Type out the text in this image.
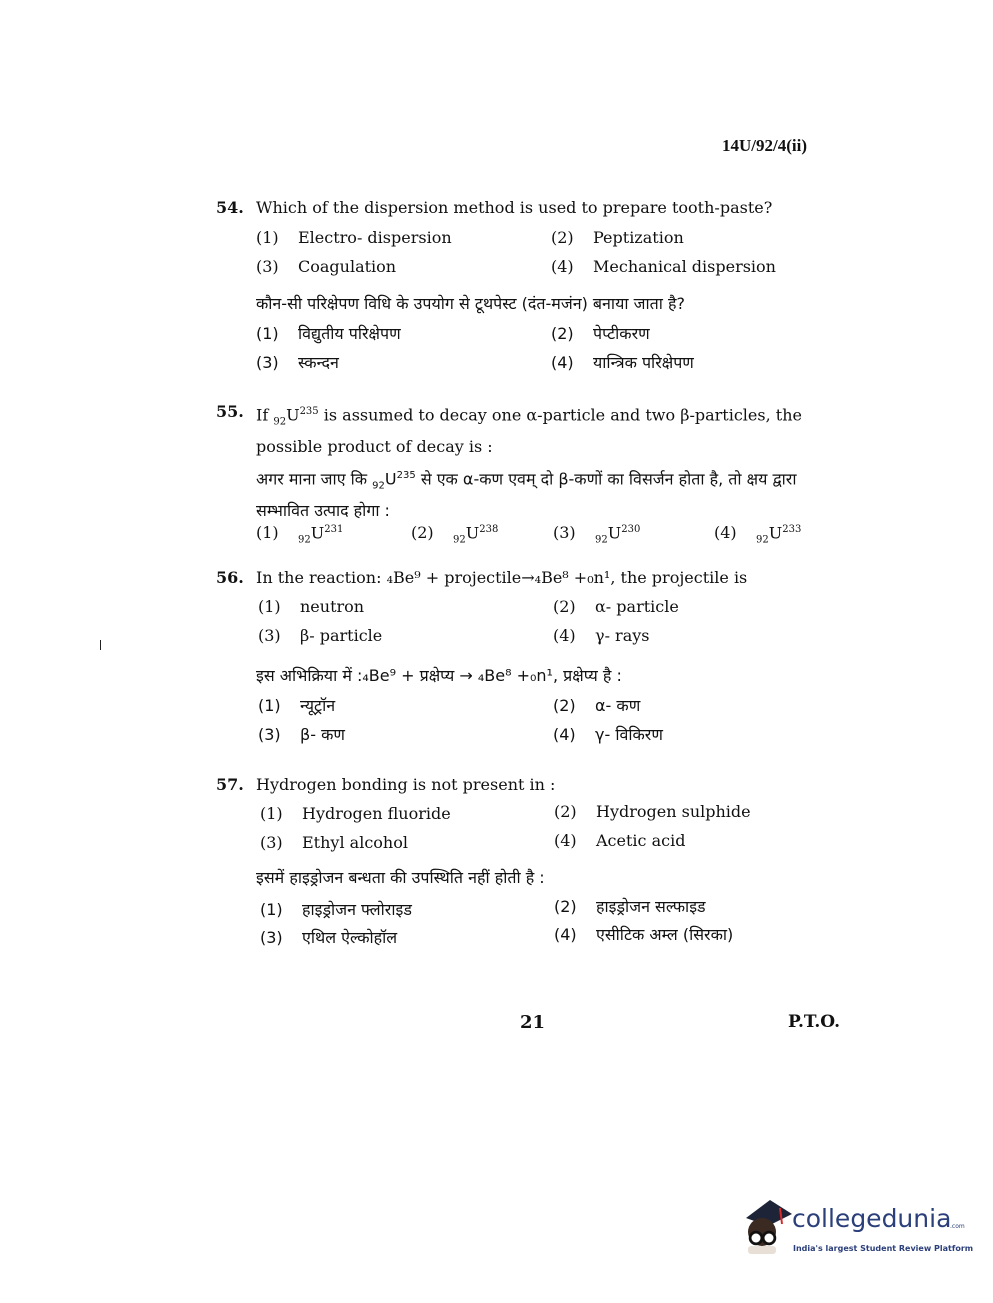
14U/92/4(ii)
54. Which of the dispersion method is used to prepare tooth-paste?
(1) Electro- dispersion	(2) Peptization
(3) Coagulation	(4) Mechanical dispersion
कौन-सी परिक्षेपण विधि के उपयोग से टूथपेस्ट (दंत-मजंन) बनाया जाता है?
(1) विद्युतीय परिक्षेपण	(2) पेप्टीकरण
(3) स्कन्दन	(4) यान्त्रिक परिक्षेपण
55. If $_{92}U^{235}$ is assumed to decay one α-particle and two β-particles, the possible product of decay is :
अगर माना जाए कि $_{92}U^{235}$ से एक α-कण एवम् दो β-कणों का विसर्जन होता है, तो क्षय द्वारा सम्भावित उत्पाद होगा :
(1) $_{92}U^{231}$	(2) $_{92}U^{238}$	(3) $_{92}U^{230}$	(4) $_{92}U^{233}$
56. In the reaction: ₄Be⁹ + projectile→₄Be⁸ +₀n¹, the projectile is
(1) neutron	(2) α- particle
(3) β- particle	(4) γ- rays
इस अभिक्रिया में :₄Be⁹ + प्रक्षेप्य → ₄Be⁸ +₀n¹, प्रक्षेप्य है :
(1) न्यूट्रॉन	(2) α- कण
(3) β- कण	(4) γ- विकिरण
57. Hydrogen bonding is not present in :
(1) Hydrogen fluoride	(2) Hydrogen sulphide
(3) Ethyl alcohol	(4) Acetic acid
इसमें हाइड्रोजन बन्धता की उपस्थिति नहीं होती है :
(1) हाइड्रोजन फ्लोराइड	(2) हाइड्रोजन सल्फाइड
(3) एथिल ऐल्कोहॉल	(4) एसीटिक अम्ल (सिरका)
21	P.T.O.
.com
collegedunia
India's largest Student Review Platform
